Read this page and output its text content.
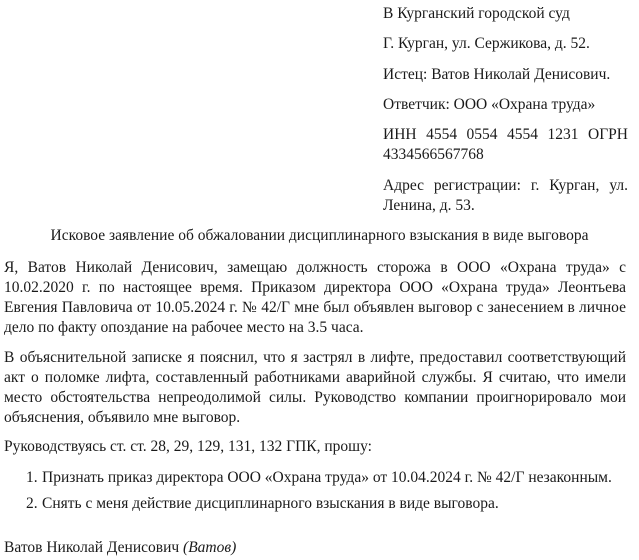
В Курганский городской суд
Г. Курган, ул. Сержикова, д. 52.
Истец: Ватов Николай Денисович.
Ответчик: ООО «Охрана труда»
ИНН 4554 0554 4554 1231 ОГРН 4334566567768
Адрес регистрации: г. Курган, ул. Ленина, д. 53.
Исковое заявление об обжаловании дисциплинарного взыскания в виде выговора
Я, Ватов Николай Денисович, замещаю должность сторожа в ООО «Охрана труда» с 10.02.2020 г. по настоящее время. Приказом директора ООО «Охрана труда» Леонтьева Евгения Павловича от 10.05.2024 г. № 42/Г мне был объявлен выговор с занесением в личное дело по факту опоздание на рабочее место на 3.5 часа.
В объяснительной записке я пояснил, что я застрял в лифте, предоставил соответствующий акт о поломке лифта, составленный работниками аварийной службы. Я считаю, что имели место обстоятельства непреодолимой силы. Руководство компании проигнорировало мои объяснения, объявило мне выговор.
Руководствуясь ст. ст. 28, 29, 129, 131, 132 ГПК, прошу:
1. Признать приказ директора ООО «Охрана труда» от 10.04.2024 г. № 42/Г незаконным.
2. Снять с меня действие дисциплинарного взыскания в виде выговора.
Ватов Николай Денисович (Ватов)
